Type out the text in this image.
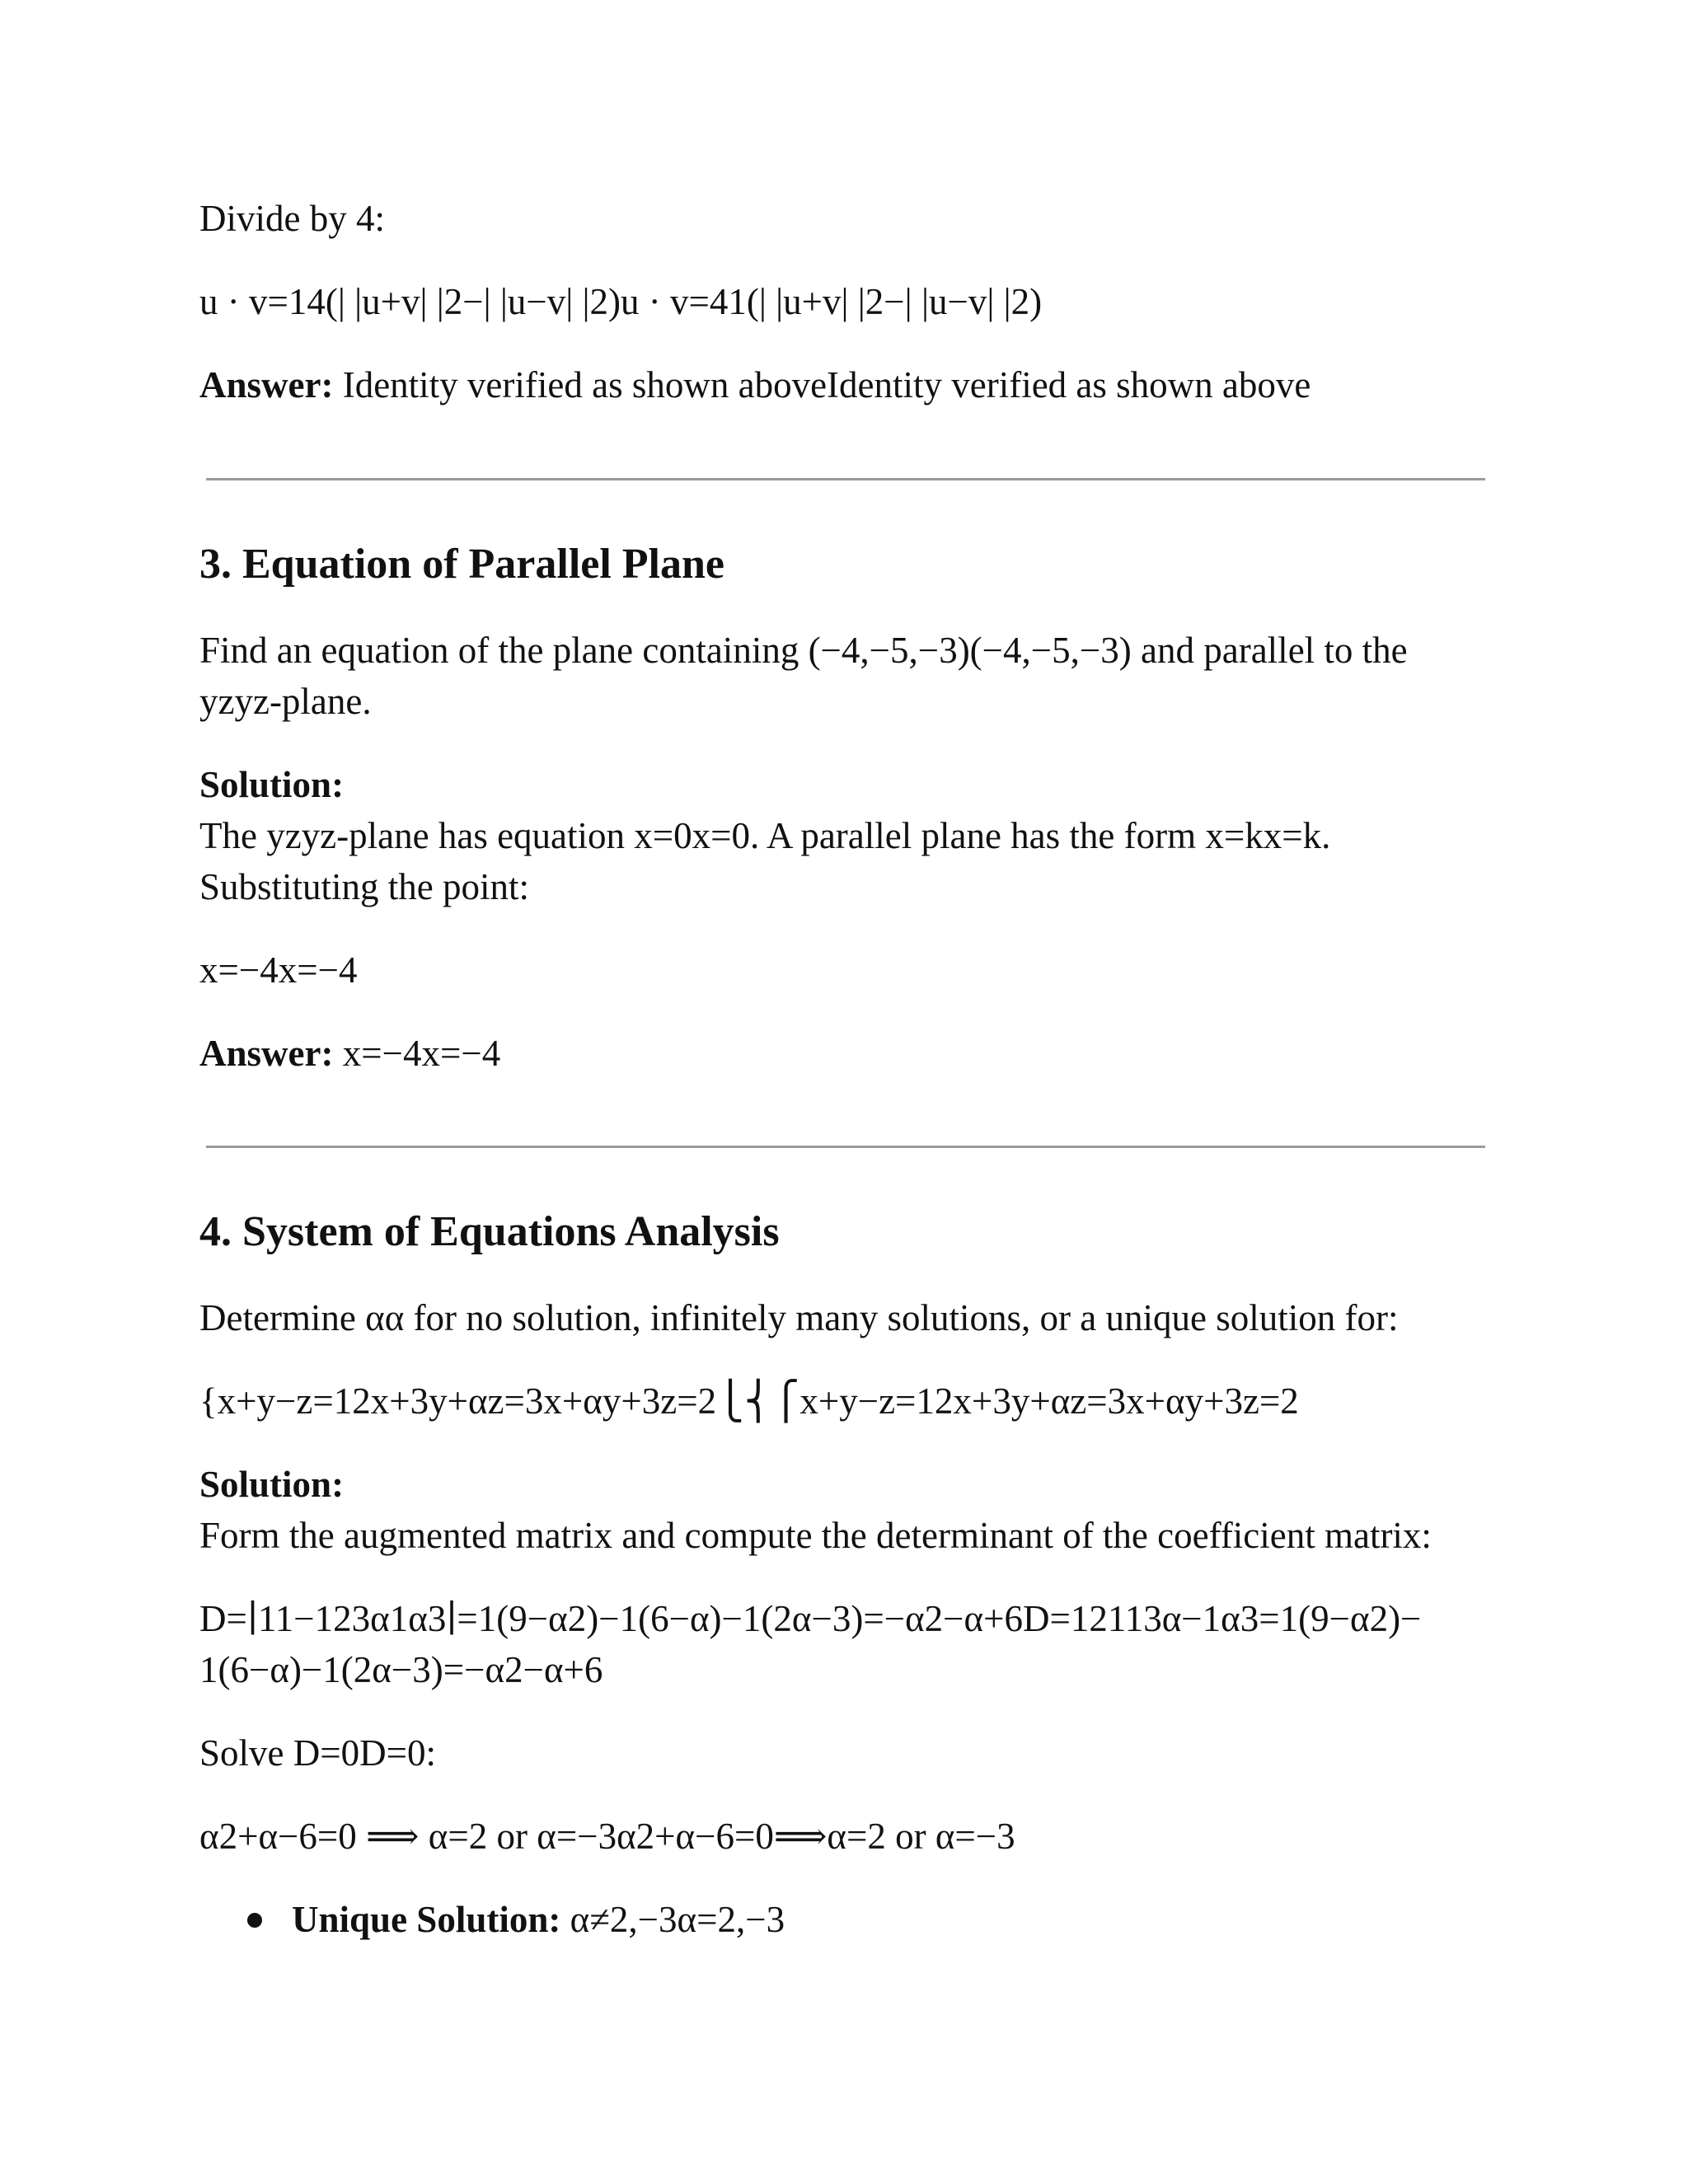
Divide by 4:
u · v=14(| |u+v| |2−| |u−v| |2)u · v=41(| |u+v| |2−| |u−v| |2)
Answer: Identity verified as shown aboveIdentity verified as shown above
3. Equation of Parallel Plane
Find an equation of the plane containing (−4,−5,−3)(−4,−5,−3) and parallel to the
yzyz-plane.
Solution:
The yzyz-plane has equation x=0x=0. A parallel plane has the form x=kx=k.
Substituting the point:
x=−4x=−4
Answer: x=−4x=−4
4. System of Equations Analysis
Determine αα for no solution, infinitely many solutions, or a unique solution for:
{x+y−z=12x+3y+αz=3x+αy+3z=2⎩⎨⎧x+y−z=12x+3y+αz=3x+αy+3z=2
Solution:
Form the augmented matrix and compute the determinant of the coefficient matrix:
D=∣11−123α1α3∣=1(9−α2)−1(6−α)−1(2α−3)=−α2−α+6D=12113α−1α3=1(9−α2)−
1(6−α)−1(2α−3)=−α2−α+6
Solve D=0D=0:
α2+α−6=0 ⟹ α=2 or α=−3α2+α−6=0⟹α=2 or α=−3
Unique Solution: α≠2,−3α=2,−3
